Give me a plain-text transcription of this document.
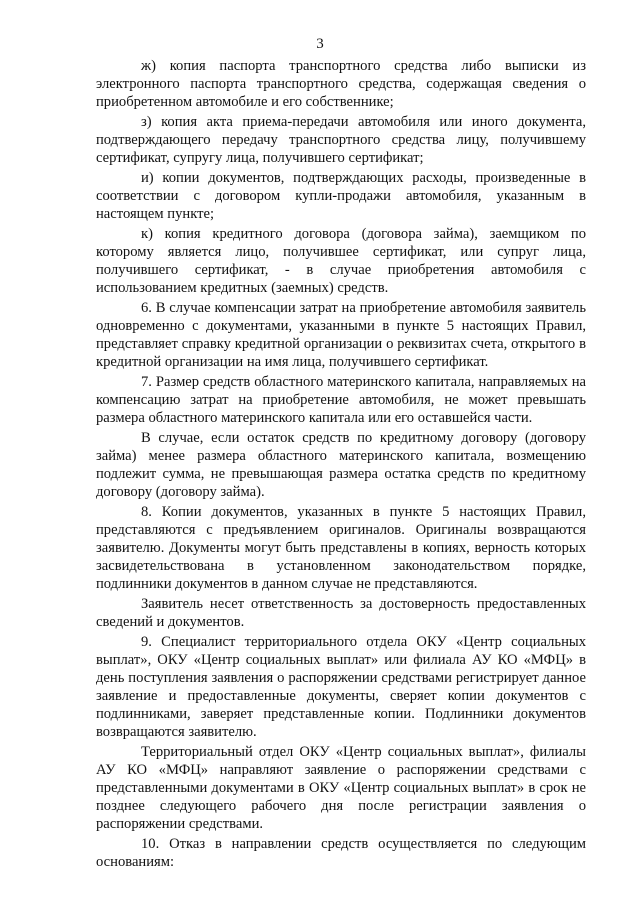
3

ж) копия паспорта транспортного средства либо выписки из электронного паспорта транспортного средства, содержащая сведения о приобретенном автомобиле и его собственнике;

з) копия акта приема-передачи автомобиля или иного документа, подтверждающего передачу транспортного средства лицу, получившему сертификат, супругу лица, получившего сертификат;

и) копии документов, подтверждающих расходы, произведенные в соответствии с договором купли-продажи автомобиля, указанным в настоящем пункте;

к) копия кредитного договора (договора займа), заемщиком по которому является лицо, получившее сертификат, или супруг лица, получившего сертификат, - в случае приобретения автомобиля с использованием кредитных (заемных) средств.

6. В случае компенсации затрат на приобретение автомобиля заявитель одновременно с документами, указанными в пункте 5 настоящих Правил, представляет справку кредитной организации о реквизитах счета, открытого в кредитной организации на имя лица, получившего сертификат.

7. Размер средств областного материнского капитала, направляемых на компенсацию затрат на приобретение автомобиля, не может превышать размера областного материнского капитала или его оставшейся части.

В случае, если остаток средств по кредитному договору (договору займа) менее размера областного материнского капитала, возмещению подлежит сумма, не превышающая размера остатка средств по кредитному договору (договору займа).

8. Копии документов, указанных в пункте 5 настоящих Правил, представляются с предъявлением оригиналов. Оригиналы возвращаются заявителю. Документы могут быть представлены в копиях, верность которых засвидетельствована в установленном законодательством порядке, подлинники документов в данном случае не представляются.

Заявитель несет ответственность за достоверность предоставленных сведений и документов.

9. Специалист территориального отдела ОКУ «Центр социальных выплат», ОКУ «Центр социальных выплат» или филиала АУ КО «МФЦ» в день поступления заявления о распоряжении средствами регистрирует данное заявление и предоставленные документы, сверяет копии документов с подлинниками, заверяет представленные копии. Подлинники документов возвращаются заявителю.

Территориальный отдел ОКУ «Центр социальных выплат», филиалы АУ КО «МФЦ» направляют заявление о распоряжении средствами с представленными документами в ОКУ «Центр социальных выплат» в срок не позднее следующего рабочего дня после регистрации заявления о распоряжении средствами.

10. Отказ в направлении средств осуществляется по следующим основаниям:
